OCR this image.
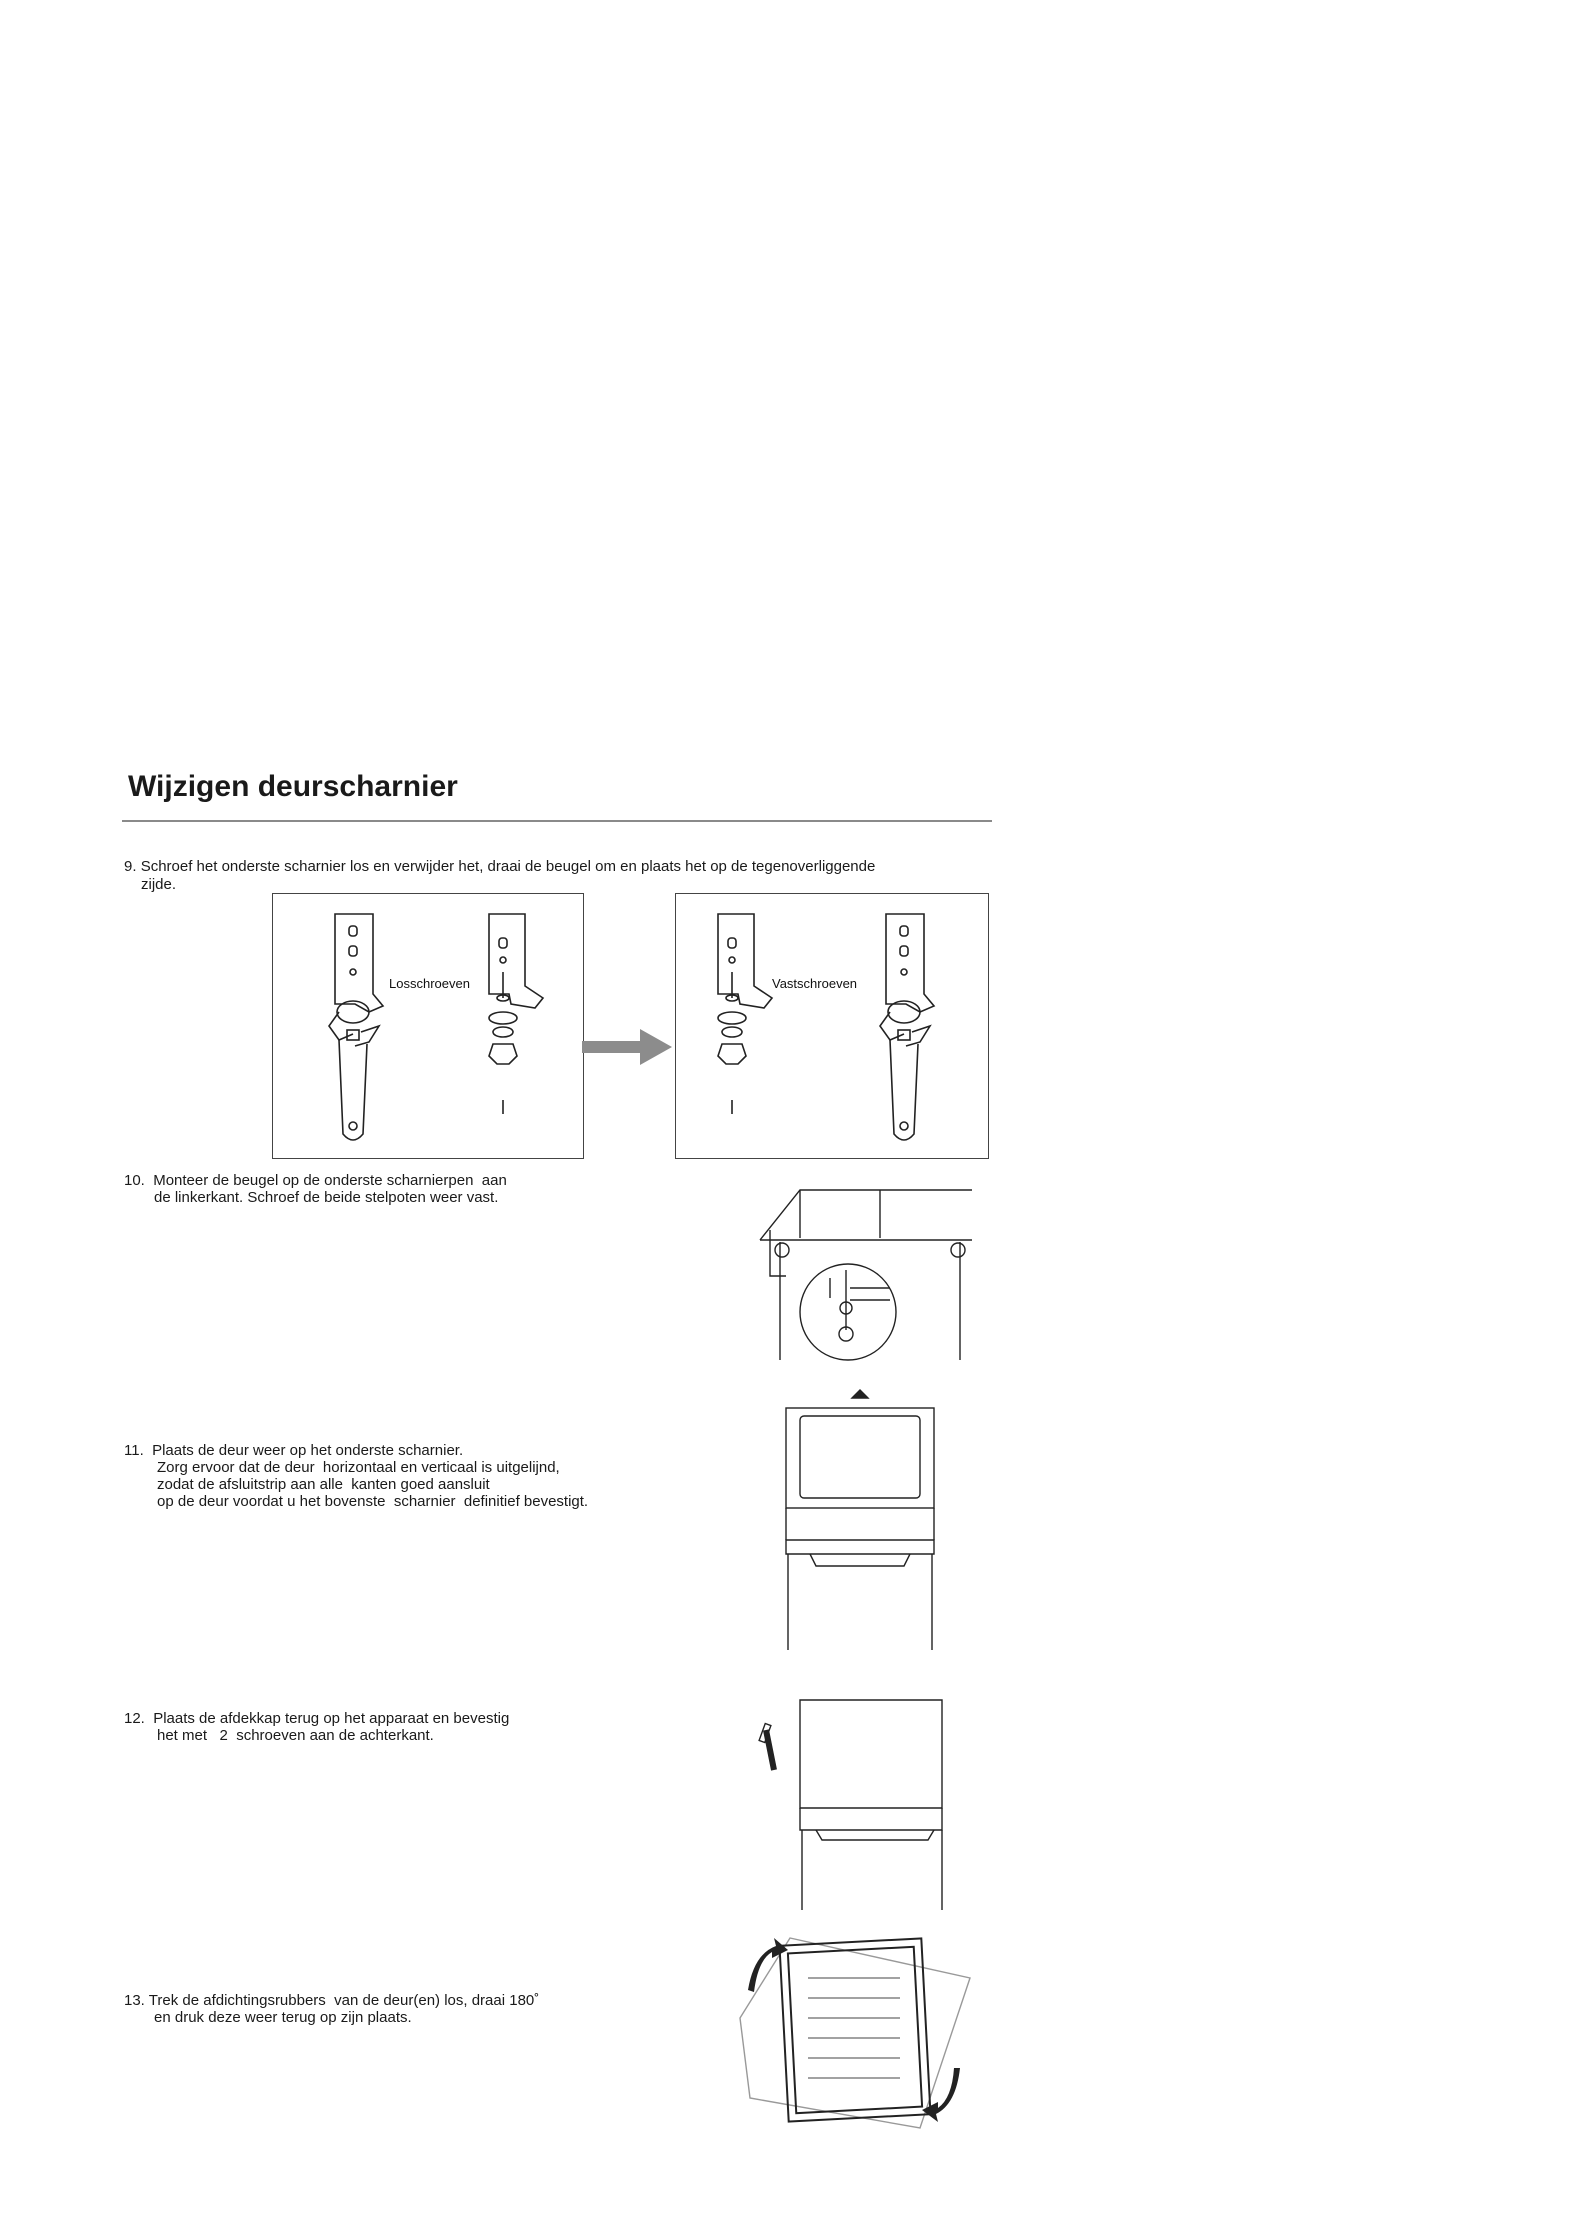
Wijzigen deurscharnier
9. Schroef het onderste scharnier los en verwijder het, draai de beugel om en plaats het op de tegenoverliggende
zijde.
Losschroeven	Vastschroeven
10. Monteer de beugel op de onderste scharnierpen  aan
de linkerkant. Schroef de beide stelpoten weer vast.
11. Plaats de deur weer op het onderste scharnier.
Zorg ervoor dat de deur  horizontaal en verticaal is uitgelijnd,
zodat de afsluitstrip aan alle  kanten goed aansluit
op de deur voordat u het bovenste  scharnier  definitief bevestigt.
12. Plaats de afdekkap terug op het apparaat en bevestig
het met   2  schroeven aan de achterkant.
13. Trek de afdichtingsrubbers  van de deur(en) los, draai 180˚
en druk deze weer terug op zijn plaats.
